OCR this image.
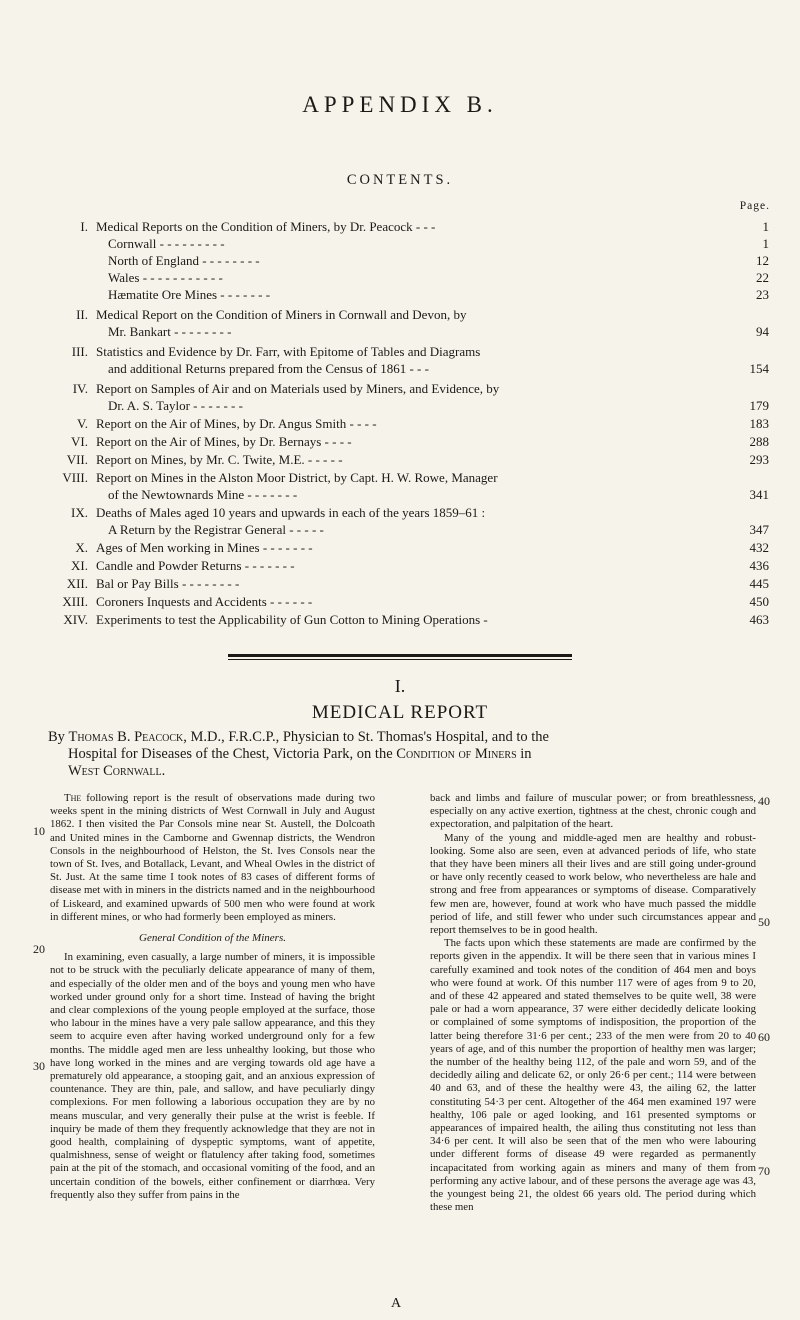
APPENDIX B.
CONTENTS.
Page.
I. Medical Reports on the Condition of Miners, by Dr. Peacock - - -	1
Cornwall - - - - - - - - -	1
North of England - - - - - - - -	12
Wales - - - - - - - - - - -	22
Hæmatite Ore Mines - - - - - - -	23
II. Medical Report on the Condition of Miners in Cornwall and Devon, by
Mr. Bankart - - - - - - - -	94
III. Statistics and Evidence by Dr. Farr, with Epitome of Tables and Diagrams
and additional Returns prepared from the Census of 1861 - - -	154
IV. Report on Samples of Air and on Materials used by Miners, and Evidence, by
Dr. A. S. Taylor - - - - - - -	179
V. Report on the Air of Mines, by Dr. Angus Smith - - - -	183
VI. Report on the Air of Mines, by Dr. Bernays - - - -	288
VII. Report on Mines, by Mr. C. Twite, M.E. - - - - -	293
VIII. Report on Mines in the Alston Moor District, by Capt. H. W. Rowe, Manager
of the Newtownards Mine - - - - - - -	341
IX. Deaths of Males aged 10 years and upwards in each of the years 1859–61 :
A Return by the Registrar General - - - - -	347
X. Ages of Men working in Mines - - - - - - -	432
XI. Candle and Powder Returns - - - - - - -	436
XII. Bal or Pay Bills - - - - - - - -	445
XIII. Coroners Inquests and Accidents - - - - - -	450
XIV. Experiments to test the Applicability of Gun Cotton to Mining Operations -	463
I.
MEDICAL REPORT
By Thomas B. Peacock, M.D., F.R.C.P., Physician to St. Thomas's Hospital, and to the
Hospital for Diseases of the Chest, Victoria Park, on the Condition of Miners in
West Cornwall.

The following report is the result of observations made during two weeks spent in the mining districts of West Cornwall in July and August 1862. I then visited the Par Consols mine near St. Austell, the Dolcoath and United mines in the Camborne and Gwennap districts, the Wendron Consols in the neighbourhood of Helston, the St. Ives Consols near the town of St. Ives, and Botallack, Levant, and Wheal Owles in the district of St. Just. At the same time I took notes of 83 cases of different forms of disease met with in miners in the districts named and in the neighbourhood of Liskeard, and examined upwards of 500 men who were found at work in different mines, or who had formerly been employed as miners.

General Condition of the Miners.

In examining, even casually, a large number of miners, it is impossible not to be struck with the peculiarly delicate appearance of many of them, and especially of the older men and of the boys and young men who have worked under ground only for a short time. Instead of having the bright and clear complexions of the young people employed at the surface, those who labour in the mines have a very pale sallow appearance, and this they seem to acquire even after having worked underground only for a few months. The middle aged men are less unhealthy looking, but those who have long worked in the mines and are verging towards old age have a prematurely old appearance, a stooping gait, and an anxious expression of countenance. They are thin, pale, and sallow, and have peculiarly dingy complexions. For men following a laborious occupation they are by no means muscular, and very generally their pulse at the wrist is feeble. If inquiry be made of them they frequently acknowledge that they are not in good health, complaining of dyspeptic symptoms, want of appetite, qualmishness, sense of weight or flatulency after taking food, sometimes pain at the pit of the stomach, and occasional vomiting of the food, and an uncertain condition of the bowels, either confinement or diarrhœa. Very frequently also they suffer from pains in the

back and limbs and failure of muscular power; or from breathlessness, especially on any active exertion, tightness at the chest, chronic cough and expectoration, and palpitation of the heart.

Many of the young and middle-aged men are healthy and robust-looking. Some also are seen, even at advanced periods of life, who state that they have been miners all their lives and are still going under-ground or have only recently ceased to work below, who nevertheless are hale and strong and free from appearances or symptoms of disease. Comparatively few men are, however, found at work who have much passed the middle period of life, and still fewer who under such circumstances appear and report themselves to be in good health.

The facts upon which these statements are made are confirmed by the reports given in the appendix. It will be there seen that in various mines I carefully examined and took notes of the condition of 464 men and boys who were found at work. Of this number 117 were of ages from 9 to 20, and of these 42 appeared and stated themselves to be quite well, 38 were pale or had a worn appearance, 37 were either decidedly delicate looking or complained of some symptoms of indisposition, the proportion of the latter being therefore 31·6 per cent.; 233 of the men were from 20 to 40 years of age, and of this number the proportion of healthy men was larger; the number of the healthy being 112, of the pale and worn 59, and of the decidedly ailing and delicate 62, or only 26·6 per cent.; 114 were between 40 and 63, and of these the healthy were 43, the ailing 62, the latter constituting 54·3 per cent. Altogether of the 464 men examined 197 were healthy, 106 pale or aged looking, and 161 presented symptoms or appearances of impaired health, the ailing thus constituting not less than 34·6 per cent. It will also be seen that of the men who were labouring under different forms of disease 49 were regarded as permanently incapacitated from working again as miners and many of them from performing any active labour, and of these persons the average age was 43, the youngest being 21, the oldest 66 years old. The period during which these men

10
20
30
40
50
60
70
A
